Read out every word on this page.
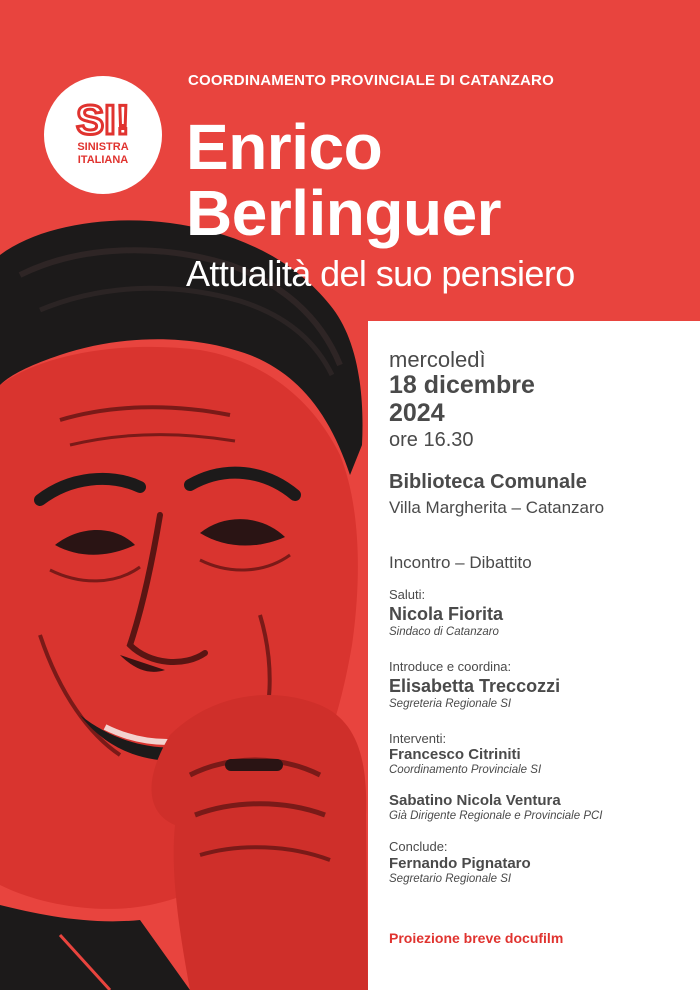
SI!
SINISTRA
ITALIANA
COORDINAMENTO PROVINCIALE DI CATANZARO
Enrico
Berlinguer
Attualità del suo pensiero
mercoledì
18 dicembre
2024
ore 16.30
Biblioteca Comunale
Villa Margherita – Catanzaro
Incontro – Dibattito
Saluti:
Nicola Fiorita
Sindaco di Catanzaro
Introduce e coordina:
Elisabetta Treccozzi
Segreteria Regionale SI
Interventi:
Francesco Citriniti
Coordinamento Provinciale SI
Sabatino Nicola Ventura
Già Dirigente Regionale e Provinciale PCI
Conclude:
Fernando Pignataro
Segretario Regionale SI
Proiezione breve docufilm
